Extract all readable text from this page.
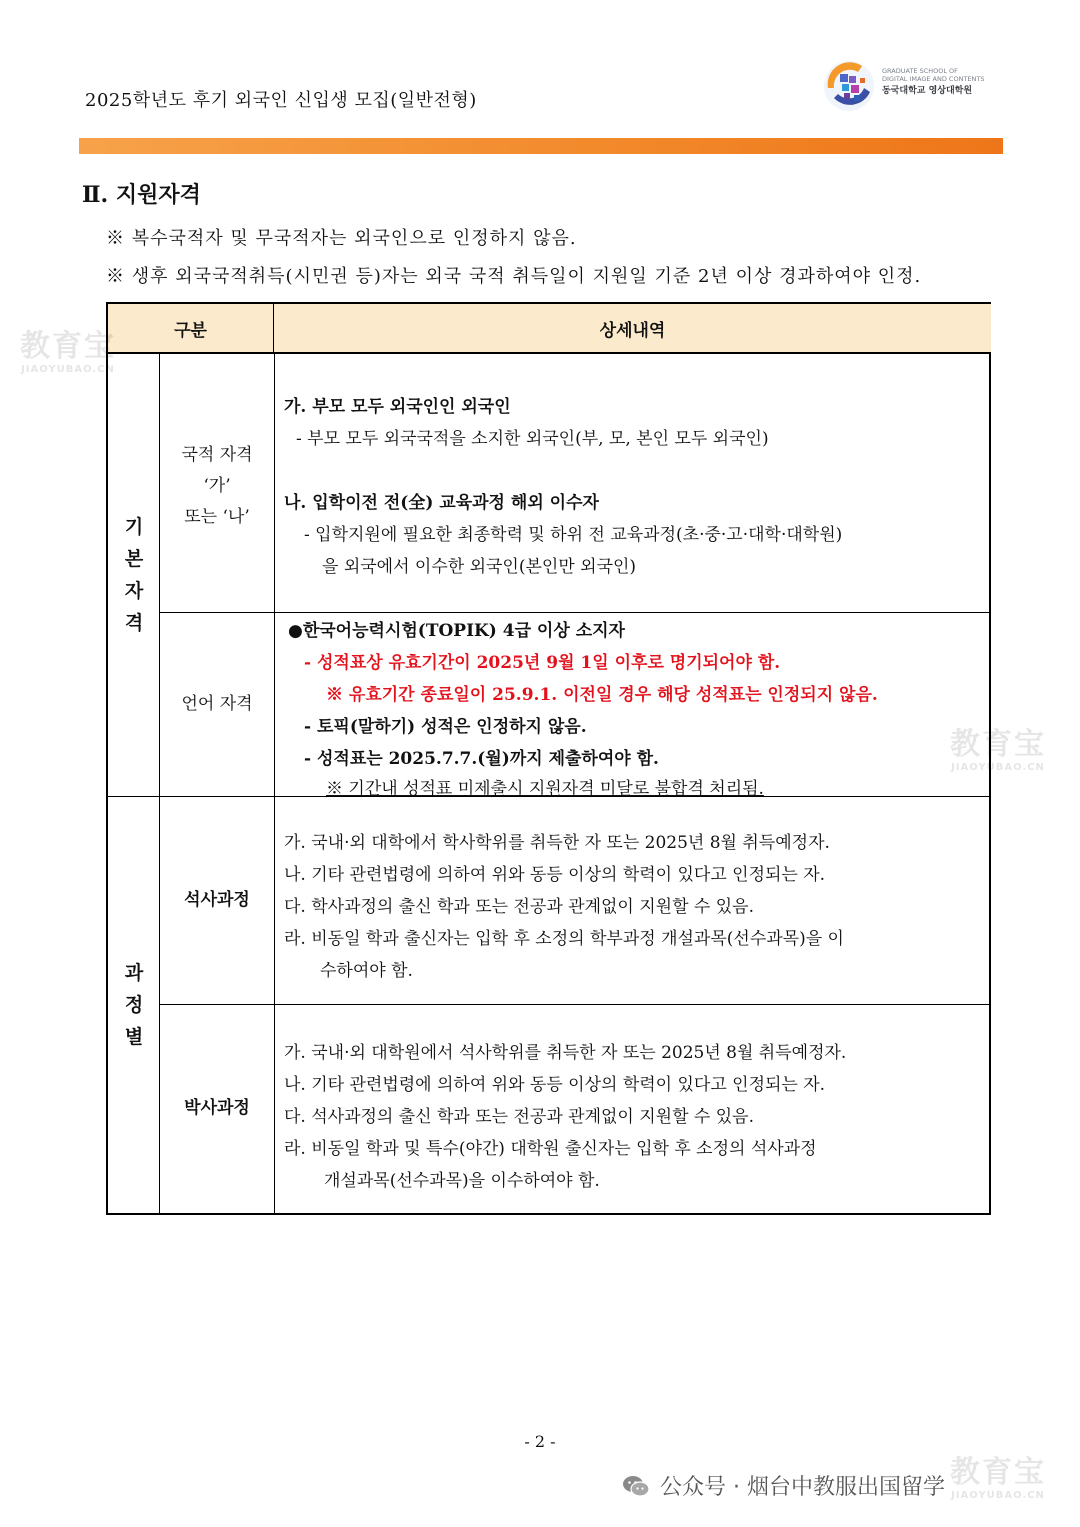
2025학년도 후기 외국인 신입생 모집(일반전형)
GRADUATE SCHOOL OF
DIGITAL IMAGE AND CONTENTS
동국대학교 영상대학원
Ⅱ. 지원자격
※ 복수국적자 및 무국적자는 외국인으로 인정하지 않음.
※ 생후 외국국적취득(시민권 등)자는 외국 국적 취득일이 지원일 기준 2년 이상 경과하여야 인정.
구분	상세내역
기
본
자
격
국적 자격
‘가’
또는 ‘나’
가. 부모 모두 외국인인 외국인
- 부모 모두 외국국적을 소지한 외국인(부, 모, 본인 모두 외국인)
나. 입학이전 전(全) 교육과정 해외 이수자
- 입학지원에 필요한 최종학력 및 하위 전 교육과정(초·중·고·대학·대학원)
을 외국에서 이수한 외국인(본인만 외국인)
언어 자격
●한국어능력시험(TOPIK) 4급 이상 소지자
- 성적표상 유효기간이 2025년 9월 1일 이후로 명기되어야 함.
※ 유효기간 종료일이 25.9.1. 이전일 경우 해당 성적표는 인정되지 않음.
- 토픽(말하기) 성적은 인정하지 않음.
- 성적표는 2025.7.7.(월)까지 제출하여야 함.
※ 기간내 성적표 미제출시 지원자격 미달로 불합격 처리됨.
과
정
별
석사과정
가. 국내·외 대학에서 학사학위를 취득한 자 또는 2025년 8월 취득예정자.
나. 기타 관련법령에 의하여 위와 동등 이상의 학력이 있다고 인정되는 자.
다. 학사과정의 출신 학과 또는 전공과 관계없이 지원할 수 있음.
라. 비동일 학과 출신자는 입학 후 소정의 학부과정 개설과목(선수과목)을 이
수하여야 함.
박사과정
가. 국내·외 대학원에서 석사학위를 취득한 자 또는 2025년 8월 취득예정자.
나. 기타 관련법령에 의하여 위와 동등 이상의 학력이 있다고 인정되는 자.
다. 석사과정의 출신 학과 또는 전공과 관계없이 지원할 수 있음.
라. 비동일 학과 및 특수(야간) 대학원 출신자는 입학 후 소정의 석사과정
개설과목(선수과목)을 이수하여야 함.
- 2 -
公众号 · 烟台中教服出国留学
教育宝
JIAOYUBAO.CN
教育宝
JIAOYUBAO.CN
教育宝
JIAOYUBAO.CN
